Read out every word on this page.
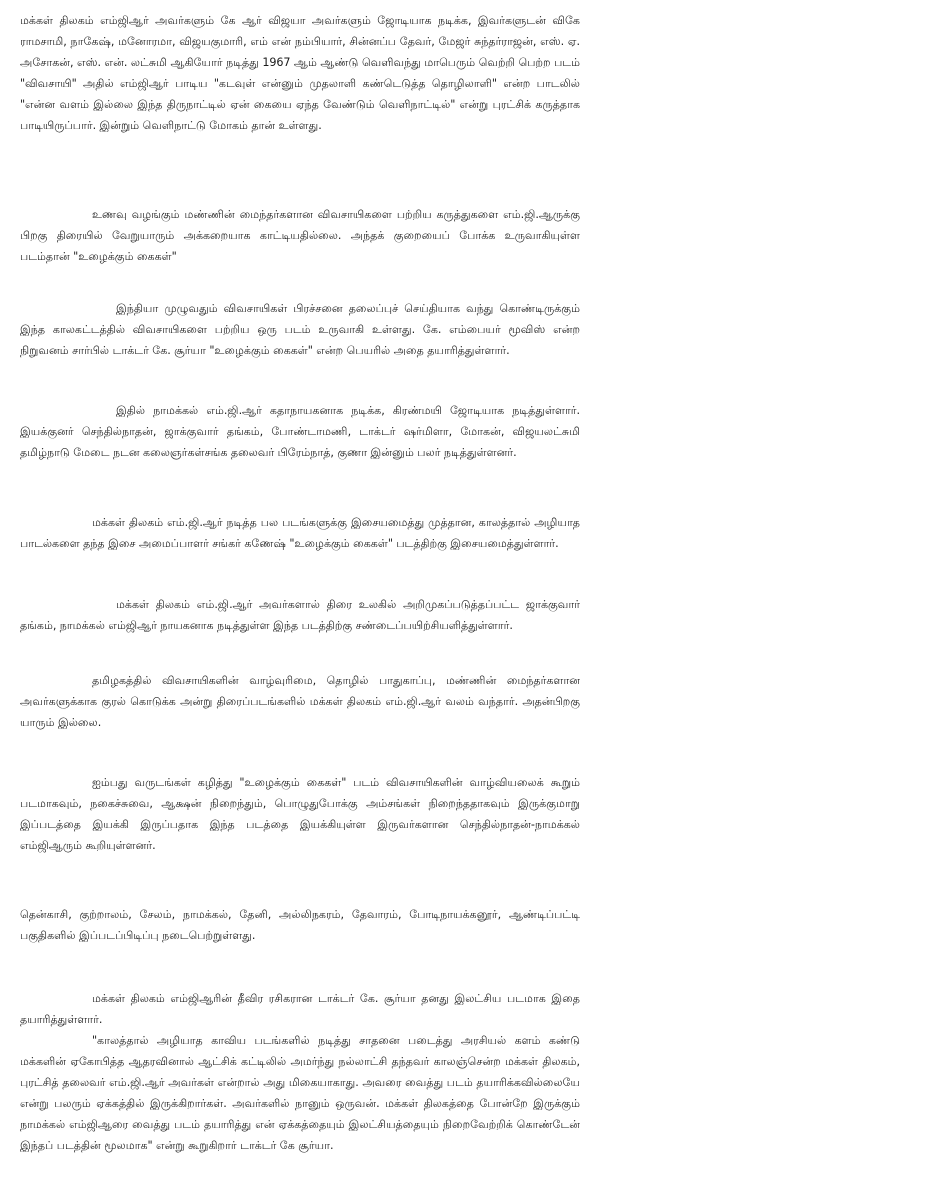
மக்கள் திலகம் எம்ஜிஆர் அவர்களும் கே ஆர் விஜயா அவர்களும் ஜோடியாக நடிக்க, இவர்களுடன் விகே ராமசாமி, நாகேஷ், மனோரமா, விஜயகுமாரி, எம் என் நம்பியார், சின்னப்ப தேவர், மேஜர் சுந்தர்ராஜன், எஸ். ஏ. அசோகன், எஸ். என். லட்சுமி ஆகியோர் நடித்து 1967 ஆம் ஆண்டு வெளிவந்து மாபெரும் வெற்றி பெற்ற படம் "விவசாயி" அதில் எம்ஜிஆர் பாடிய "கடவுள் என்னும் முதலாளி கண்டெடுத்த தொழிலாளி" என்ற பாடலில் "என்ன வளம் இல்லை இந்த திருநாட்டில் ஏன் கையை ஏந்த வேண்டும் வெளிநாட்டில்" என்று புரட்சிக் கருத்தாக பாடியிருப்பார். இன்றும் வெளிநாட்டு மோகம் தான் உள்ளது.

உணவு வழங்கும் மண்ணின் மைந்தர்களான விவசாயிகளை பற்றிய கருத்துகளை எம்.ஜி.ஆருக்கு பிறகு திரையில் வேறுயாரும் அக்கறையாக காட்டியதில்லை. அந்தக் குறையைப் போக்க உருவாகியுள்ள படம்தான் "உழைக்கும் கைகள்"

இந்தியா முழுவதும் விவசாயிகள் பிரச்சனை தலைப்புச் செய்தியாக வந்து கொண்டிருக்கும் இந்த காலகட்டத்தில் விவசாயிகளை பற்றிய ஒரு படம் உருவாகி உள்ளது. கே. எம்பையர் மூவிஸ் என்ற நிறுவனம் சார்பில் டாக்டர் கே. சூர்யா "உழைக்கும் கைகள்" என்ற பெயரில் அதை தயாரித்துள்ளார்.

இதில் நாமக்கல் எம்.ஜி.ஆர் கதாநாயகனாக நடிக்க, கிரண்மயி ஜோடியாக நடித்துள்ளார். இயக்குனர் செந்தில்நாதன், ஜாக்குவார் தங்கம், போண்டாமணி, டாக்டர் ஷர்மிளா, மோகன், விஜயலட்சுமி தமிழ்நாடு மேடை நடன கலைஞர்கள்சங்க தலைவர் பிரேம்நாத், குணா இன்னும் பலர் நடித்துள்ளனர்.

மக்கள் திலகம் எம்.ஜி.ஆர் நடித்த பல படங்களுக்கு இசையமைத்து முத்தான, காலத்தால் அழியாத பாடல்களை தந்த இசை அமைப்பாளர் சங்கர் கணேஷ் "உழைக்கும் கைகள்" படத்திற்கு இசையமைத்துள்ளார்.

மக்கள் திலகம் எம்.ஜி.ஆர் அவர்களால் திரை உலகில் அறிமுகப்படுத்தப்பட்ட ஜாக்குவார் தங்கம், நாமக்கல் எம்ஜிஆர் நாயகனாக நடித்துள்ள இந்த படத்திற்கு சண்டைப்பயிற்சியளித்துள்ளார்.

தமிழகத்தில் விவசாயிகளின் வாழ்வுரிமை, தொழில் பாதுகாப்பு, மண்ணின் மைந்தர்களான அவர்களுக்காக குரல் கொடுக்க அன்று திரைப்படங்களில் மக்கள் திலகம் எம்.ஜி.ஆர் வலம் வந்தார். அதன்பிறகு யாரும் இல்லை.

ஐம்பது வருடங்கள் கழித்து "உழைக்கும் கைகள்" படம் விவசாயிகளின் வாழ்வியலைக் கூறும் படமாகவும், நகைச்சுவை, ஆக்ஷன் நிறைந்தும், பொழுதுபோக்கு அம்சங்கள் நிறைந்ததாகவும் இருக்குமாறு இப்படத்தை இயக்கி இருப்பதாக இந்த படத்தை இயக்கியுள்ள இருவர்களான செந்தில்நாதன்-நாமக்கல் எம்ஜிஆரும் கூறியுள்ளனர்.

தென்காசி, குற்றாலம், சேலம், நாமக்கல், தேனி, அல்லிநகரம், தேவாரம், போடிநாயக்கனூர், ஆண்டிப்பட்டி பகுதிகளில் இப்படப்பிடிப்பு நடைபெற்றுள்ளது.

மக்கள் திலகம் எம்ஜிஆரின் தீவிர ரசிகரான டாக்டர் கே. சூர்யா தனது இலட்சிய படமாக இதை தயாரித்துள்ளார்.

"காலத்தால் அழியாத காவிய படங்களில் நடித்து சாதனை படைத்து அரசியல் களம் கண்டு மக்களின் ஏகோபித்த ஆதரவினால் ஆட்சிக் கட்டிலில் அமர்ந்து நல்லாட்சி தந்தவர் காலஞ்சென்ற மக்கள் திலகம், புரட்சித் தலைவர் எம்.ஜி.ஆர் அவர்கள் என்றால் அது மிகையாகாது. அவரை வைத்து படம் தயாரிக்கவில்லையே என்று பலரும் ஏக்கத்தில் இருக்கிறார்கள். அவர்களில் நானும் ஒருவன். மக்கள் திலகத்தை போன்றே இருக்கும் நாமக்கல் எம்ஜிஆரை வைத்து படம் தயாரித்து என் ஏக்கத்தையும் இலட்சியத்தையும் நிறைவேற்றிக் கொண்டேன் இந்தப் படத்தின் மூலமாக" என்று கூறுகிறார் டாக்டர் கே சூர்யா.
